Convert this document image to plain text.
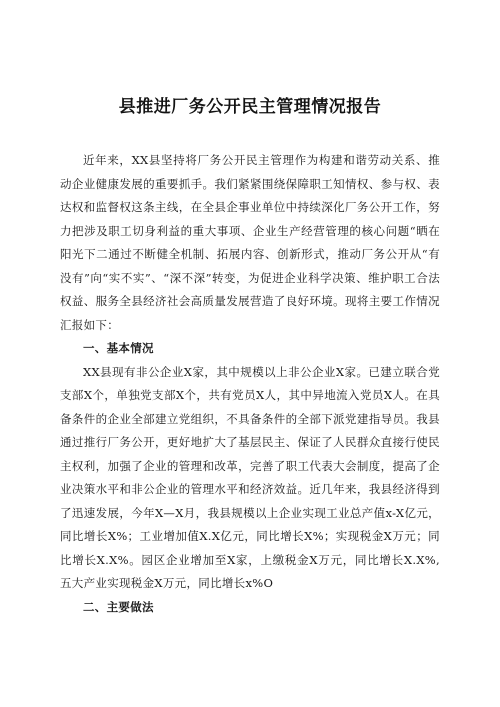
县推进厂务公开民主管理情况报告

近年来，XX县坚持将厂务公开民主管理作为构建和谐劳动关系、推动企业健康发展的重要抓手。我们紧紧围绕保障职工知情权、参与权、表达权和监督权这条主线，在全县企事业单位中持续深化厂务公开工作，努力把涉及职工切身利益的重大事项、企业生产经营管理的核心问题“晒在阳光下二通过不断健全机制、拓展内容、创新形式，推动厂务公开从“有没有”向“实不实”、“深不深”转变，为促进企业科学决策、维护职工合法权益、服务全县经济社会高质量发展营造了良好环境。现将主要工作情况汇报如下：

一、基本情况

XX县现有非公企业X家，其中规模以上非公企业X家。已建立联合党支部X个，单独党支部X个，共有党员X人，其中异地流入党员X人。在具备条件的企业全部建立党组织，不具备条件的全部下派党建指导员。我县通过推行厂务公开，更好地扩大了基层民主、保证了人民群众直接行使民主权利，加强了企业的管理和改革，完善了职工代表大会制度，提高了企业决策水平和非公企业的管理水平和经济效益。近几年来，我县经济得到了迅速发展，今年X—X月，我县规模以上企业实现工业总产值x-X亿元，同比增长X%；工业增加值X.X亿元，同比增长X%；实现税金X万元；同比增长X.X%。园区企业增加至X家，上缴税金X万元，同比增长X.X%,五大产业实现税金X万元，同比增长x%O

二、主要做法
